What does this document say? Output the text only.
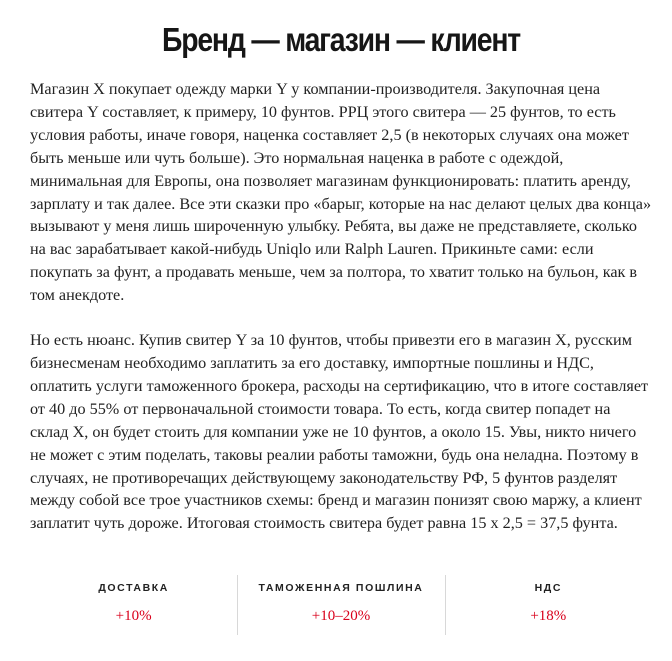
Бренд — магазин — клиент

Магазин X покупает одежду марки Y у компании-производителя. Закупочная цена свитера Y составляет, к примеру, 10 фунтов. РРЦ этого свитера — 25 фунтов, то есть условия работы, иначе говоря, наценка составляет 2,5 (в некоторых случаях она может быть меньше или чуть больше). Это нормальная наценка в работе с одеждой, минимальная для Европы, она позволяет магазинам функционировать: платить аренду, зарплату и так далее. Все эти сказки про «барыг, которые на нас делают целых два конца» вызывают у меня лишь широченную улыбку. Ребята, вы даже не представляете, сколько на вас зарабатывает какой-нибудь Uniqlo или Ralph Lauren. Прикиньте сами: если покупать за фунт, а продавать меньше, чем за полтора, то хватит только на бульон, как в том анекдоте.

Но есть нюанс. Купив свитер Y за 10 фунтов, чтобы привезти его в магазин X, русским бизнесменам необходимо заплатить за его доставку, импортные пошлины и НДС, оплатить услуги таможенного брокера, расходы на сертификацию, что в итоге составляет от 40 до 55% от первоначальной стоимости товара. То есть, когда свитер попадет на склад X, он будет стоить для компании уже не 10 фунтов, а около 15. Увы, никто ничего не может с этим поделать, таковы реалии работы таможни, будь она неладна. Поэтому в случаях, не противоречащих действующему законодательству РФ, 5 фунтов разделят между собой все трое участников схемы: бренд и магазин понизят свою маржу, а клиент заплатит чуть дороже. Итоговая стоимость свитера будет равна 15 х 2,5 = 37,5 фунта.

ДОСТАВКА
+10%
ТАМОЖЕННАЯ ПОШЛИНА
+10–20%
НДС
+18%
